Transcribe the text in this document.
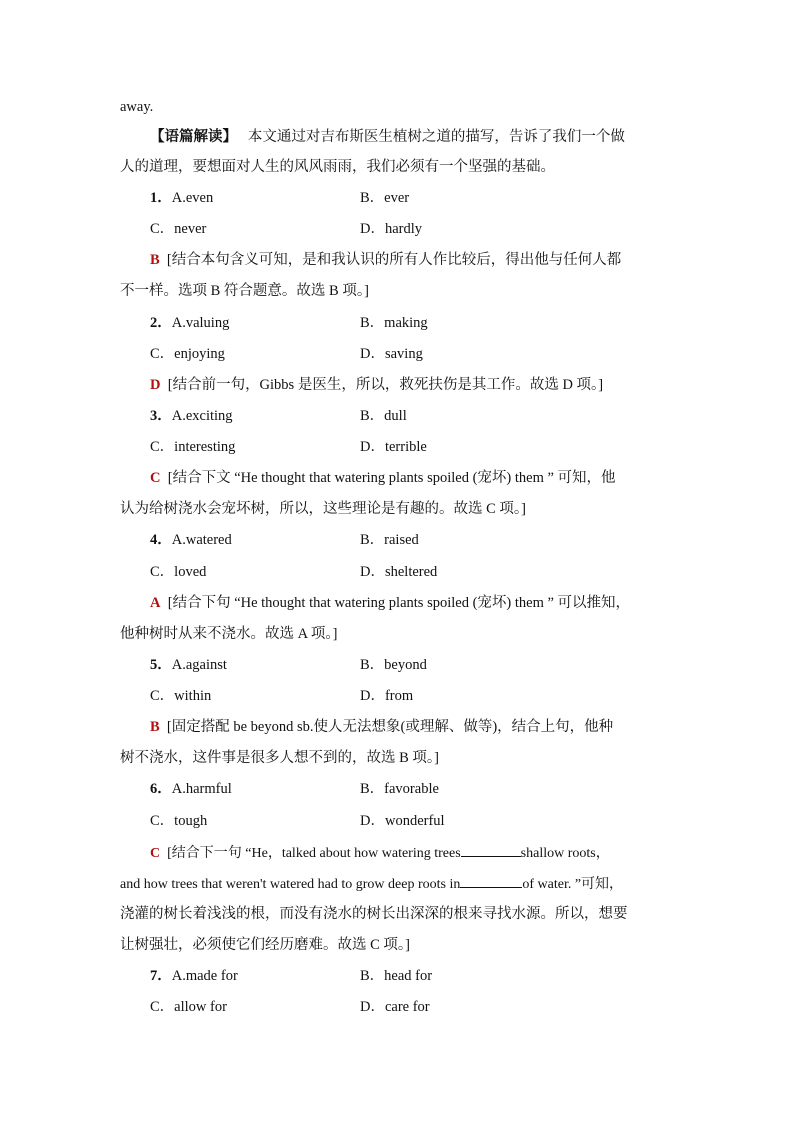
away.
【语篇解读】 本文通过对吉布斯医生植树之道的描写，告诉了我们一个做
人的道理，要想面对人生的风风雨雨，我们必须有一个坚强的基础。
1．A.even	B．ever
C．never	D．hardly
B [结合本句含义可知，是和我认识的所有人作比较后，得出他与任何人都
不一样。选项 B 符合题意。故选 B 项。]
2．A.valuing	B．making
C．enjoying	D．saving
D [结合前一句，Gibbs 是医生，所以，救死扶伤是其工作。故选 D 项。]
3．A.exciting	B．dull
C．interesting	D．terrible
C [结合下文 “He thought that watering plants spoiled (宠坏) them ” 可知，他
认为给树浇水会宠坏树，所以，这些理论是有趣的。故选 C 项。]
4．A.watered	B．raised
C．loved	D．sheltered
A [结合下句 “He thought that watering plants spoiled (宠坏) them ” 可以推知，
他种树时从来不浇水。故选 A 项。]
5．A.against	B．beyond
C．within	D．from
B [固定搭配 be beyond sb.使人无法想象(或理解、做等)，结合上句，他种
树不浇水，这件事是很多人想不到的，故选 B 项。]
6．A.harmful	B．favorable
C．tough	D．wonderful
C [结合下一句 “He，talked about how watering trees	shallow roots，
and how trees that weren't watered had to grow deep roots in	of water. ”可知，
浇灌的树长着浅浅的根，而没有浇水的树长出深深的根来寻找水源。所以，想要
让树强壮，必须使它们经历磨难。故选 C 项。]
7．A.made for	B．head for
C．allow for	D．care for
